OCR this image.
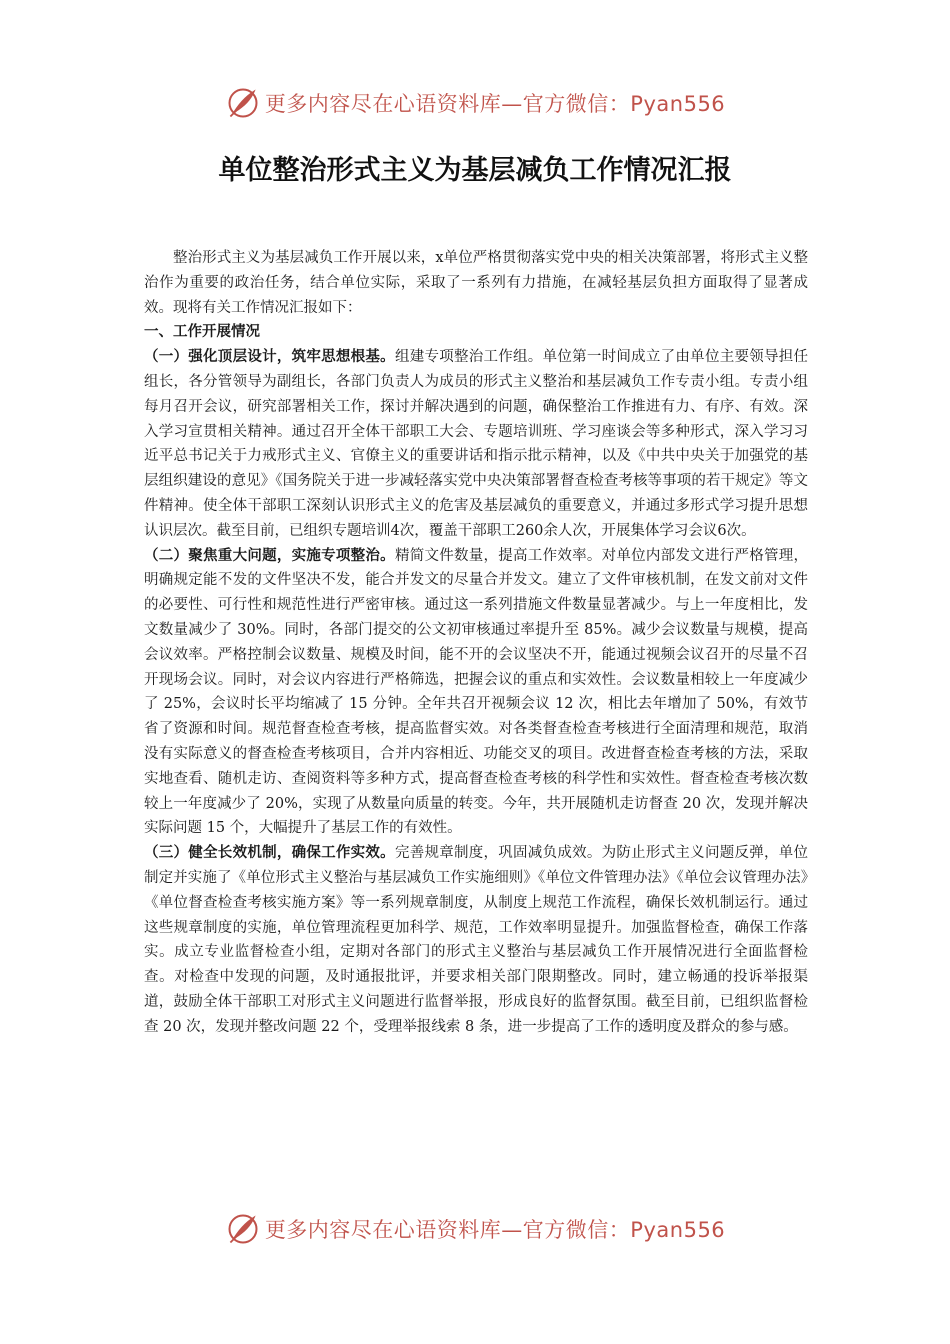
更多内容尽在心语资料库—官方微信：Pyan556
单位整治形式主义为基层减负工作情况汇报

整治形式主义为基层减负工作开展以来，x单位严格贯彻落实党中央的相关决策部署，将形式主义整治作为重要的政治任务，结合单位实际，采取了一系列有力措施，在减轻基层负担方面取得了显著成效。现将有关工作情况汇报如下：

一、工作开展情况

（一）强化顶层设计，筑牢思想根基。组建专项整治工作组。单位第一时间成立了由单位主要领导担任组长，各分管领导为副组长，各部门负责人为成员的形式主义整治和基层减负工作专责小组。专责小组每月召开会议，研究部署相关工作，探讨并解决遇到的问题，确保整治工作推进有力、有序、有效。深入学习宣贯相关精神。通过召开全体干部职工大会、专题培训班、学习座谈会等多种形式，深入学习习近平总书记关于力戒形式主义、官僚主义的重要讲话和指示批示精神，以及《中共中央关于加强党的基层组织建设的意见》《国务院关于进一步减轻落实党中央决策部署督查检查考核等事项的若干规定》等文件精神。使全体干部职工深刻认识形式主义的危害及基层减负的重要意义，并通过多形式学习提升思想认识层次。截至目前，已组织专题培训4次，覆盖干部职工260余人次，开展集体学习会议6次。

（二）聚焦重大问题，实施专项整治。精简文件数量，提高工作效率。对单位内部发文进行严格管理，明确规定能不发的文件坚决不发，能合并发文的尽量合并发文。建立了文件审核机制，在发文前对文件的必要性、可行性和规范性进行严密审核。通过这一系列措施文件数量显著减少。与上一年度相比，发文数量减少了 30%。同时，各部门提交的公文初审核通过率提升至 85%。减少会议数量与规模，提高会议效率。严格控制会议数量、规模及时间，能不开的会议坚决不开，能通过视频会议召开的尽量不召开现场会议。同时，对会议内容进行严格筛选，把握会议的重点和实效性。会议数量相较上一年度减少了 25%，会议时长平均缩减了 15 分钟。全年共召开视频会议 12 次，相比去年增加了 50%，有效节省了资源和时间。规范督查检查考核，提高监督实效。对各类督查检查考核进行全面清理和规范，取消没有实际意义的督查检查考核项目，合并内容相近、功能交叉的项目。改进督查检查考核的方法，采取实地查看、随机走访、查阅资料等多种方式，提高督查检查考核的科学性和实效性。督查检查考核次数较上一年度减少了 20%，实现了从数量向质量的转变。今年，共开展随机走访督查 20 次，发现并解决实际问题 15 个，大幅提升了基层工作的有效性。

（三）健全长效机制，确保工作实效。完善规章制度，巩固减负成效。为防止形式主义问题反弹，单位制定并实施了《单位形式主义整治与基层减负工作实施细则》《单位文件管理办法》《单位会议管理办法》《单位督查检查考核实施方案》等一系列规章制度，从制度上规范工作流程，确保长效机制运行。通过这些规章制度的实施，单位管理流程更加科学、规范，工作效率明显提升。加强监督检查，确保工作落实。成立专业监督检查小组，定期对各部门的形式主义整治与基层减负工作开展情况进行全面监督检查。对检查中发现的问题，及时通报批评，并要求相关部门限期整改。同时，建立畅通的投诉举报渠道，鼓励全体干部职工对形式主义问题进行监督举报，形成良好的监督氛围。截至目前，已组织监督检查 20 次，发现并整改问题 22 个，受理举报线索 8 条，进一步提高了工作的透明度及群众的参与感。

更多内容尽在心语资料库—官方微信：Pyan556
